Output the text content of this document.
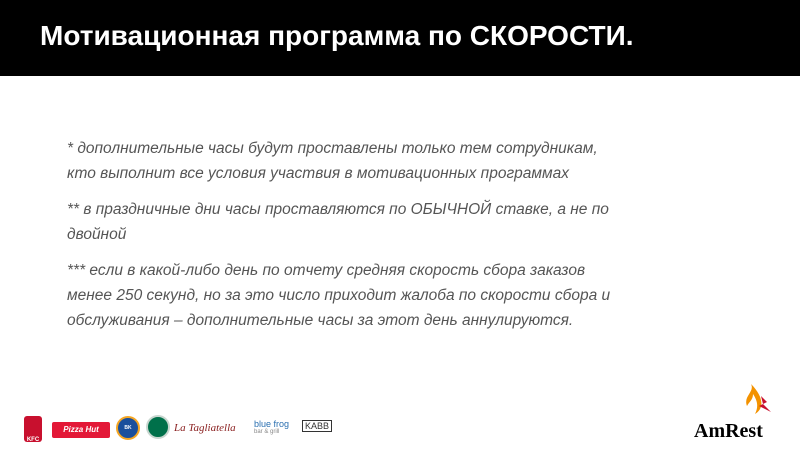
Мотивационная программа по СКОРОСТИ.

* дополнительные часы будут проставлены только тем сотрудникам,
кто выполнит все условия участвия в мотивационных программах

** в праздничные дни часы проставляются по ОБЫЧНОЙ ставке, а не по
двойной

*** если в какой-либо день по отчету средняя скорость сбора заказов
менее 250 секунд, но за это число приходит жалоба по скорости сбора и
обслуживания – дополнительные часы за этот день аннулируются.

KFC
Pizza Hut	BK	La Tagliatella blue frog
bar & grill
KABB	AmRest
